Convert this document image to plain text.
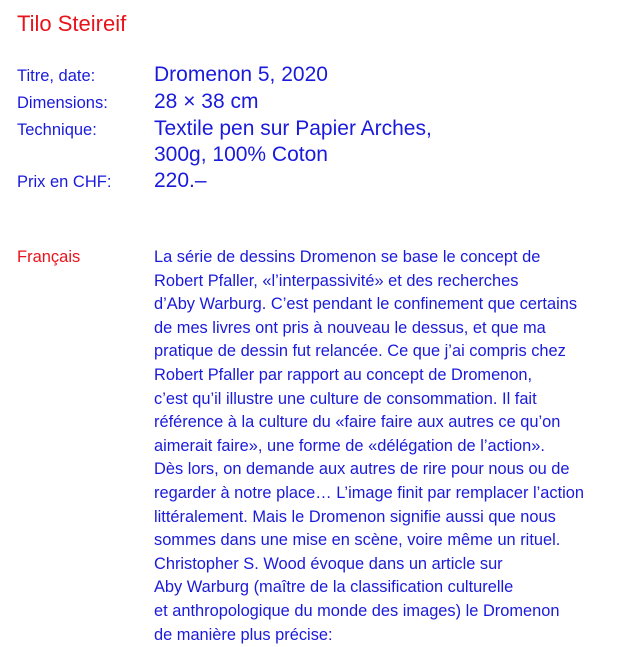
Tilo Steireif
Titre, date:	Dromenon 5, 2020
Dimensions:	28 × 38 cm
Technique:	Textile pen sur Papier Arches,
300g, 100% Coton
Prix en CHF:	220.–
Français	La série de dessins Dromenon se base le concept de
Robert Pfaller, «l’interpassivité» et des recherches
d’Aby Warburg. C’est pendant le confinement que certains
de mes livres ont pris à nouveau le dessus, et que ma
pratique de dessin fut relancée. Ce que j’ai compris chez
Robert Pfaller par rapport au concept de Dromenon,
c’est qu’il illustre une culture de consommation. Il fait
référence à la culture du «faire faire aux autres ce qu’on
aimerait faire», une forme de «délégation de l’action».
Dès lors, on demande aux autres de rire pour nous ou de
regarder à notre place… L’image finit par remplacer l’action
littéralement. Mais le Dromenon signifie aussi que nous
sommes dans une mise en scène, voire même un rituel.
Christopher S. Wood évoque dans un article sur
Aby Warburg (maître de la classification culturelle
et anthropologique du monde des images) le Dromenon
de manière plus précise:
